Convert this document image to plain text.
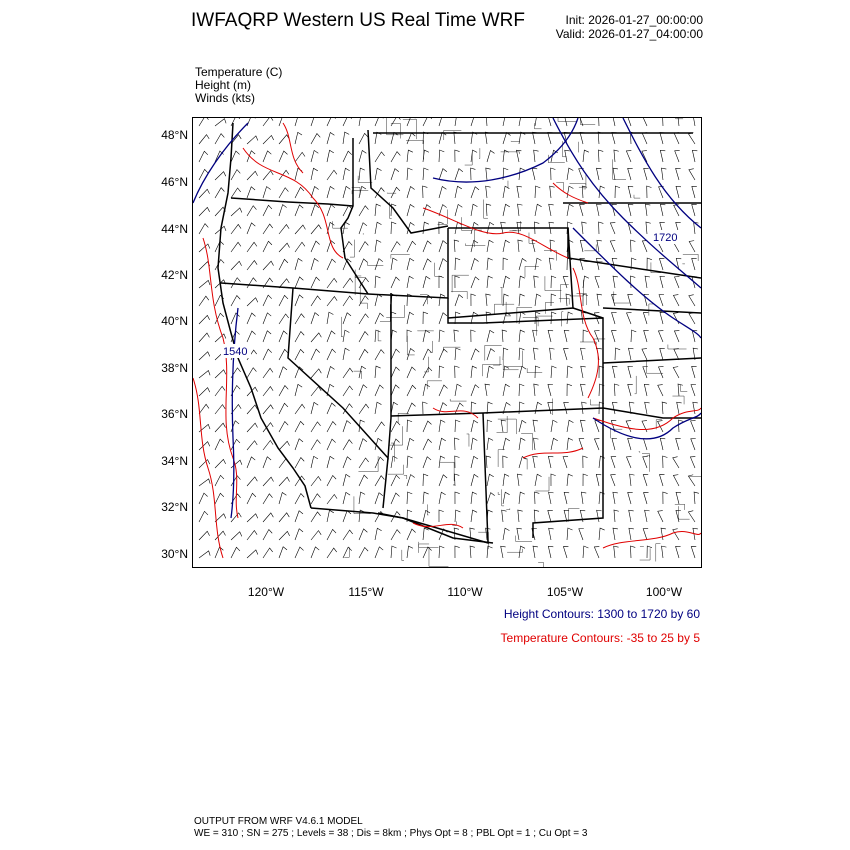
IWFAQRP Western US Real Time WRF	Init: 2026-01-27_00:00:00
Valid: 2026-01-27_04:00:00
Temperature (C)
Height (m)
Winds (kts)
1540
1720
48°N
46°N
44°N
42°N
40°N
38°N
36°N
34°N
32°N
30°N
120°W	115°W	110°W	105°W	100°W
Height Contours: 1300 to 1720 by 60
Temperature Contours: -35 to 25 by 5
OUTPUT FROM WRF V4.6.1 MODEL
WE = 310 ; SN = 275 ; Levels = 38 ; Dis = 8km ; Phys Opt = 8 ; PBL Opt = 1 ; Cu Opt = 3
